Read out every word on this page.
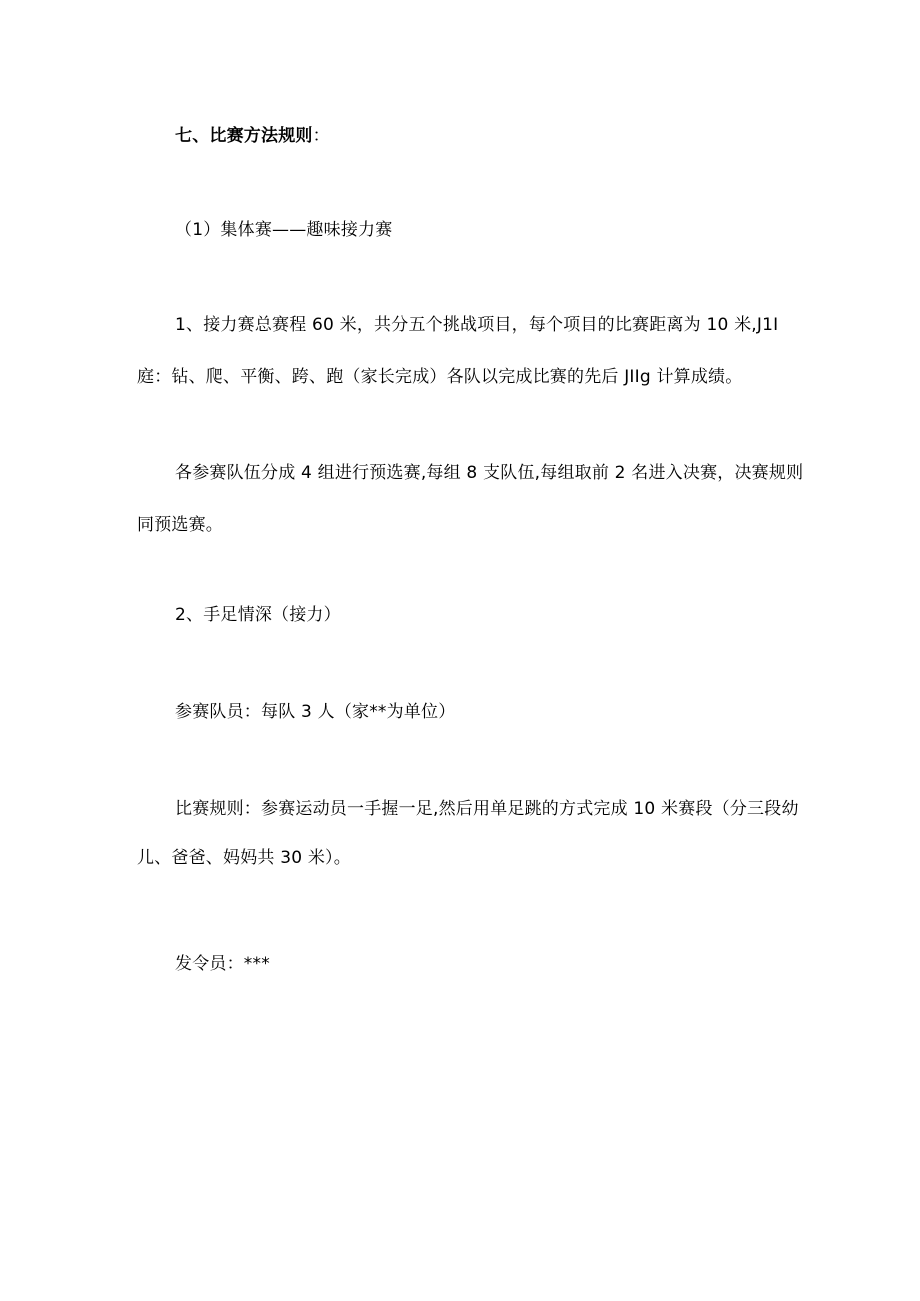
七、比赛方法规则：
（1）集体赛——趣味接力赛
1、接力赛总赛程 60 米，共分五个挑战项目，每个项目的比赛距离为 10 米,J1I
庭：钻、爬、平衡、跨、跑（家长完成）各队以完成比赛的先后 JIIg 计算成绩。
各参赛队伍分成 4 组进行预选赛,每组 8 支队伍,每组取前 2 名进入决赛，决赛规则
同预选赛。
2、手足情深（接力）
参赛队员：每队 3 人（家**为单位）
比赛规则：参赛运动员一手握一足,然后用单足跳的方式完成 10 米赛段（分三段幼
儿、爸爸、妈妈共 30 米）。
发令员：***
